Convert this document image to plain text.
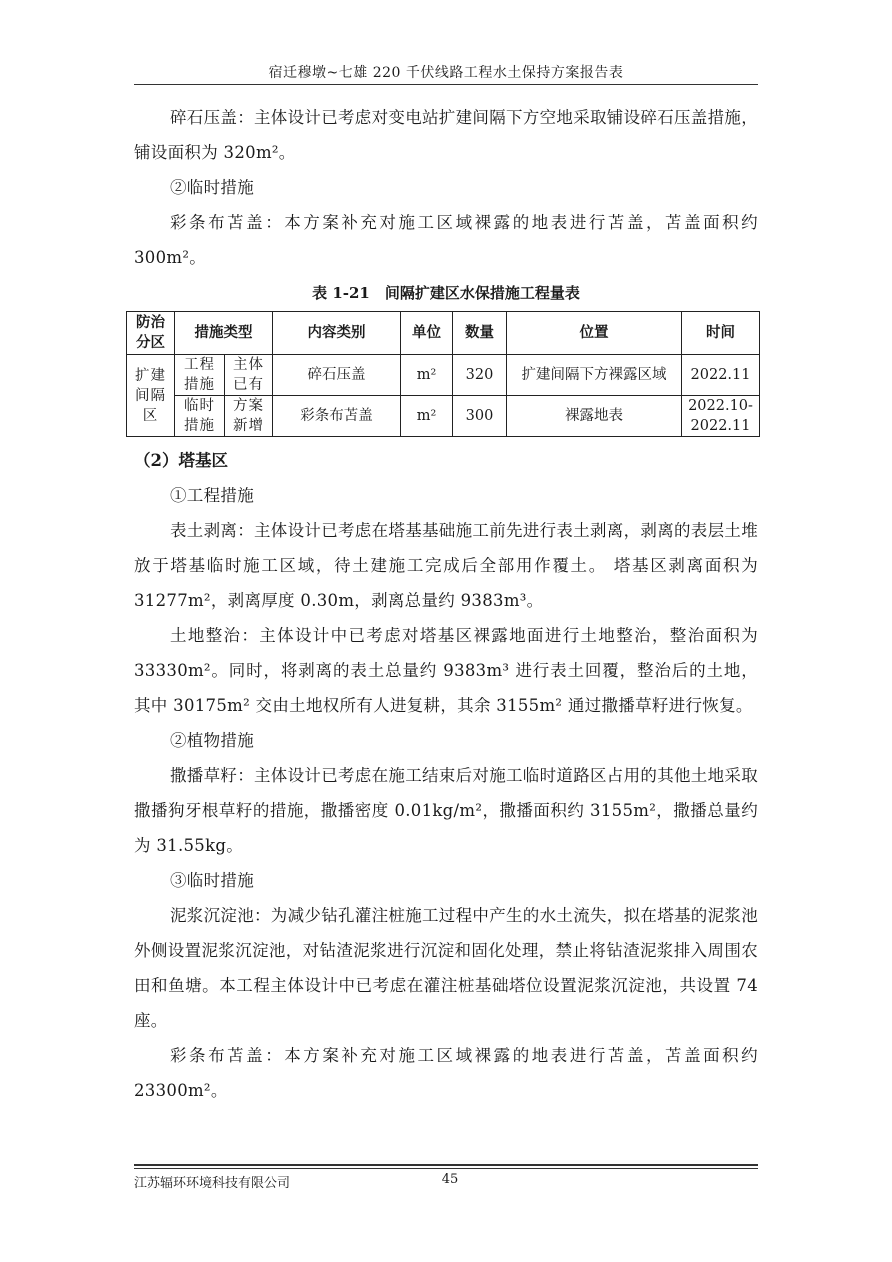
宿迁穆墩~七雄 220 千伏线路工程水土保持方案报告表

碎石压盖：主体设计已考虑对变电站扩建间隔下方空地采取铺设碎石压盖措施，铺设面积为 320m²。

②临时措施

彩条布苫盖：本方案补充对施工区域裸露的地表进行苫盖，苫盖面积约 300m²。

表 1-21　间隔扩建区水保措施工程量表
防治分区	措施类型		内容类别	单位	数量	位置	时间
扩建间隔区	工程措施	主体已有	碎石压盖	m²	320	扩建间隔下方裸露区域	2022.11
	临时措施	方案新增	彩条布苫盖	m²	300	裸露地表	2022.10-2022.11

（2）塔基区

①工程措施

表土剥离：主体设计已考虑在塔基基础施工前先进行表土剥离，剥离的表层土堆放于塔基临时施工区域，待土建施工完成后全部用作覆土。 塔基区剥离面积为 31277m²，剥离厚度 0.30m，剥离总量约 9383m³。

土地整治：主体设计中已考虑对塔基区裸露地面进行土地整治，整治面积为 33330m²。同时，将剥离的表土总量约 9383m³ 进行表土回覆，整治后的土地，其中 30175m² 交由土地权所有人进复耕，其余 3155m² 通过撒播草籽进行恢复。

②植物措施

撒播草籽：主体设计已考虑在施工结束后对施工临时道路区占用的其他土地采取撒播狗牙根草籽的措施，撒播密度 0.01kg/m²，撒播面积约 3155m²，撒播总量约为 31.55kg。

③临时措施

泥浆沉淀池：为减少钻孔灌注桩施工过程中产生的水土流失，拟在塔基的泥浆池外侧设置泥浆沉淀池，对钻渣泥浆进行沉淀和固化处理，禁止将钻渣泥浆排入周围农田和鱼塘。本工程主体设计中已考虑在灌注桩基础塔位设置泥浆沉淀池，共设置 74 座。

彩条布苫盖：本方案补充对施工区域裸露的地表进行苫盖，苫盖面积约 23300m²。

江苏辐环环境科技有限公司	45
